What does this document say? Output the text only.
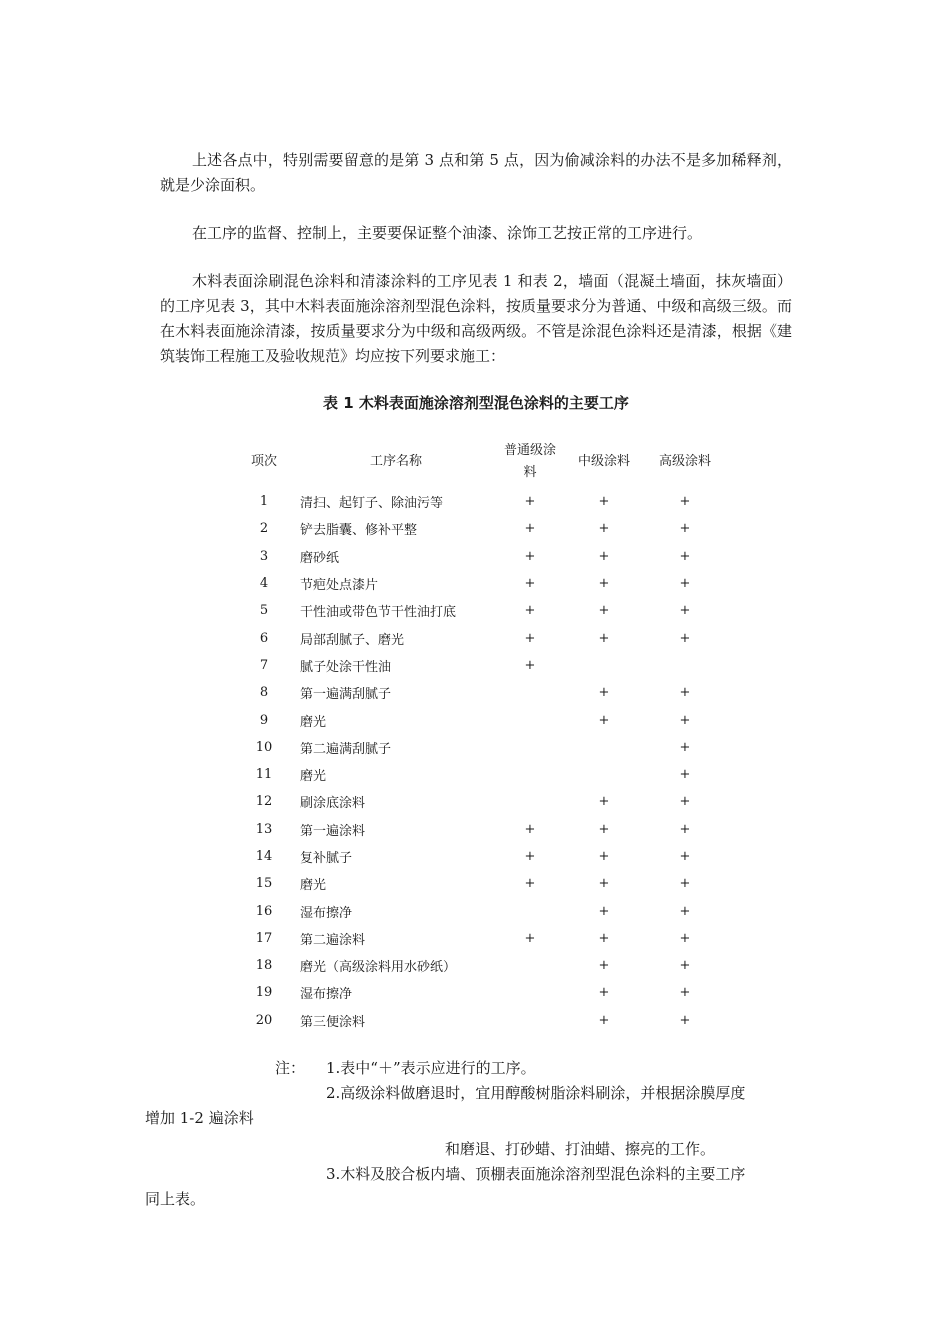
上述各点中，特别需要留意的是第 3 点和第 5 点，因为偷减涂料的办法不是多加稀释剂，就是少涂面积。

在工序的监督、控制上，主要要保证整个油漆、涂饰工艺按正常的工序进行。

木料表面涂刷混色涂料和清漆涂料的工序见表 1 和表 2，墙面（混凝土墙面，抹灰墙面）的工序见表 3，其中木料表面施涂溶剂型混色涂料，按质量要求分为普通、中级和高级三级。而在木料表面施涂清漆，按质量要求分为中级和高级两级。不管是涂混色涂料还是清漆，根据《建筑装饰工程施工及验收规范》均应按下列要求施工：

表 1 木料表面施涂溶剂型混色涂料的主要工序

项次	工序名称	普通级涂料	中级涂料	高级涂料
1	清扫、起钉子、除油污等	+	+	+
2	铲去脂囊、修补平整	+	+	+
3	磨砂纸	+	+	+
4	节疤处点漆片	+	+	+
5	干性油或带色节干性油打底	+	+	+
6	局部刮腻子、磨光	+	+	+
7	腻子处涂干性油	+		
8	第一遍满刮腻子		+	+
9	磨光		+	+
10	第二遍满刮腻子			+
11	磨光			+
12	刷涂底涂料		+	+
13	第一遍涂料	+	+	+
14	复补腻子	+	+	+
15	磨光	+	+	+
16	湿布擦净		+	+
17	第二遍涂料	+	+	+
18	磨光（高级涂料用水砂纸）		+	+
19	湿布擦净		+	+
20	第三便涂料		+	+
注： 1.表中“＋”表示应进行的工序。
2.高级涂料做磨退时，宜用醇酸树脂涂料刷涂，并根据涂膜厚度
增加 1-2 遍涂料
和磨退、打砂蜡、打油蜡、擦亮的工作。
3.木料及胶合板内墙、顶棚表面施涂溶剂型混色涂料的主要工序
同上表。
